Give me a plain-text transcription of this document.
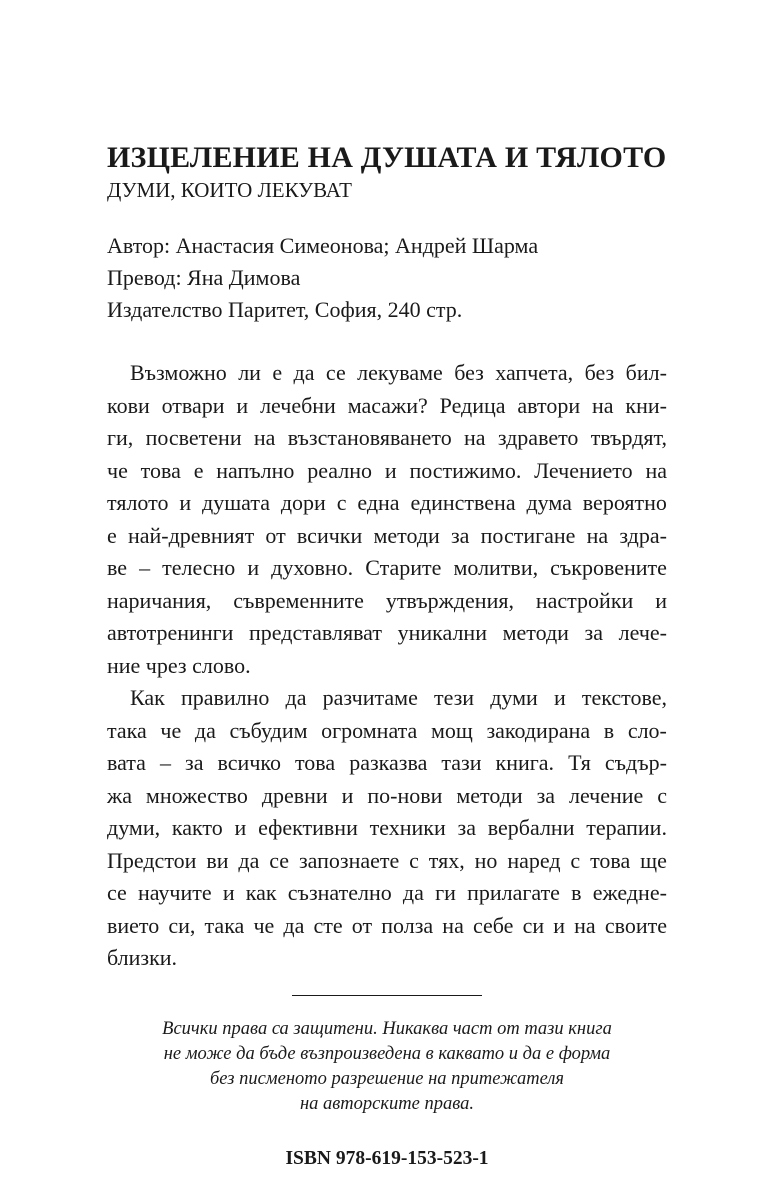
ИЗЦЕЛЕНИЕ НА ДУШАТА И ТЯЛОТО
ДУМИ, КОИТО ЛЕКУВАТ
Автор: Анастасия Симеонова; Андрей Шарма
Превод: Яна Димова
Издателство Паритет, София, 240 стр.
Възможно ли е да се лекуваме без хапчета, без бил-
кови отвари и лечебни масажи? Редица автори на кни-
ги, посветени на възстановяването на здравето твърдят,
че това е напълно реално и постижимо. Лечението на
тялото и душата дори с една единствена дума вероятно
е най-древният от всички методи за постигане на здра-
ве – телесно и духовно. Старите молитви, съкровените
наричания, съвременните утвърждения, настройки и
автотренинги представляват уникални методи за лече-
ние чрез слово.
Как правилно да разчитаме тези думи и текстове,
така че да събудим огромната мощ закодирана в сло-
вата – за всичко това разказва тази книга. Тя съдър-
жа множество древни и по-нови методи за лечение с
думи, както и ефективни техники за вербални терапии.
Предстои ви да се запознаете с тях, но наред с това ще
се научите и как съзнателно да ги прилагате в ежедне-
вието си, така че да сте от полза на себе си и на своите
близки.
Всички права са защитени. Никаква част от тази книга
не може да бъде възпроизведена в каквато и да е форма
без писменото разрешение на притежателя
на авторските права.
ISBN 978-619-153-523-1
